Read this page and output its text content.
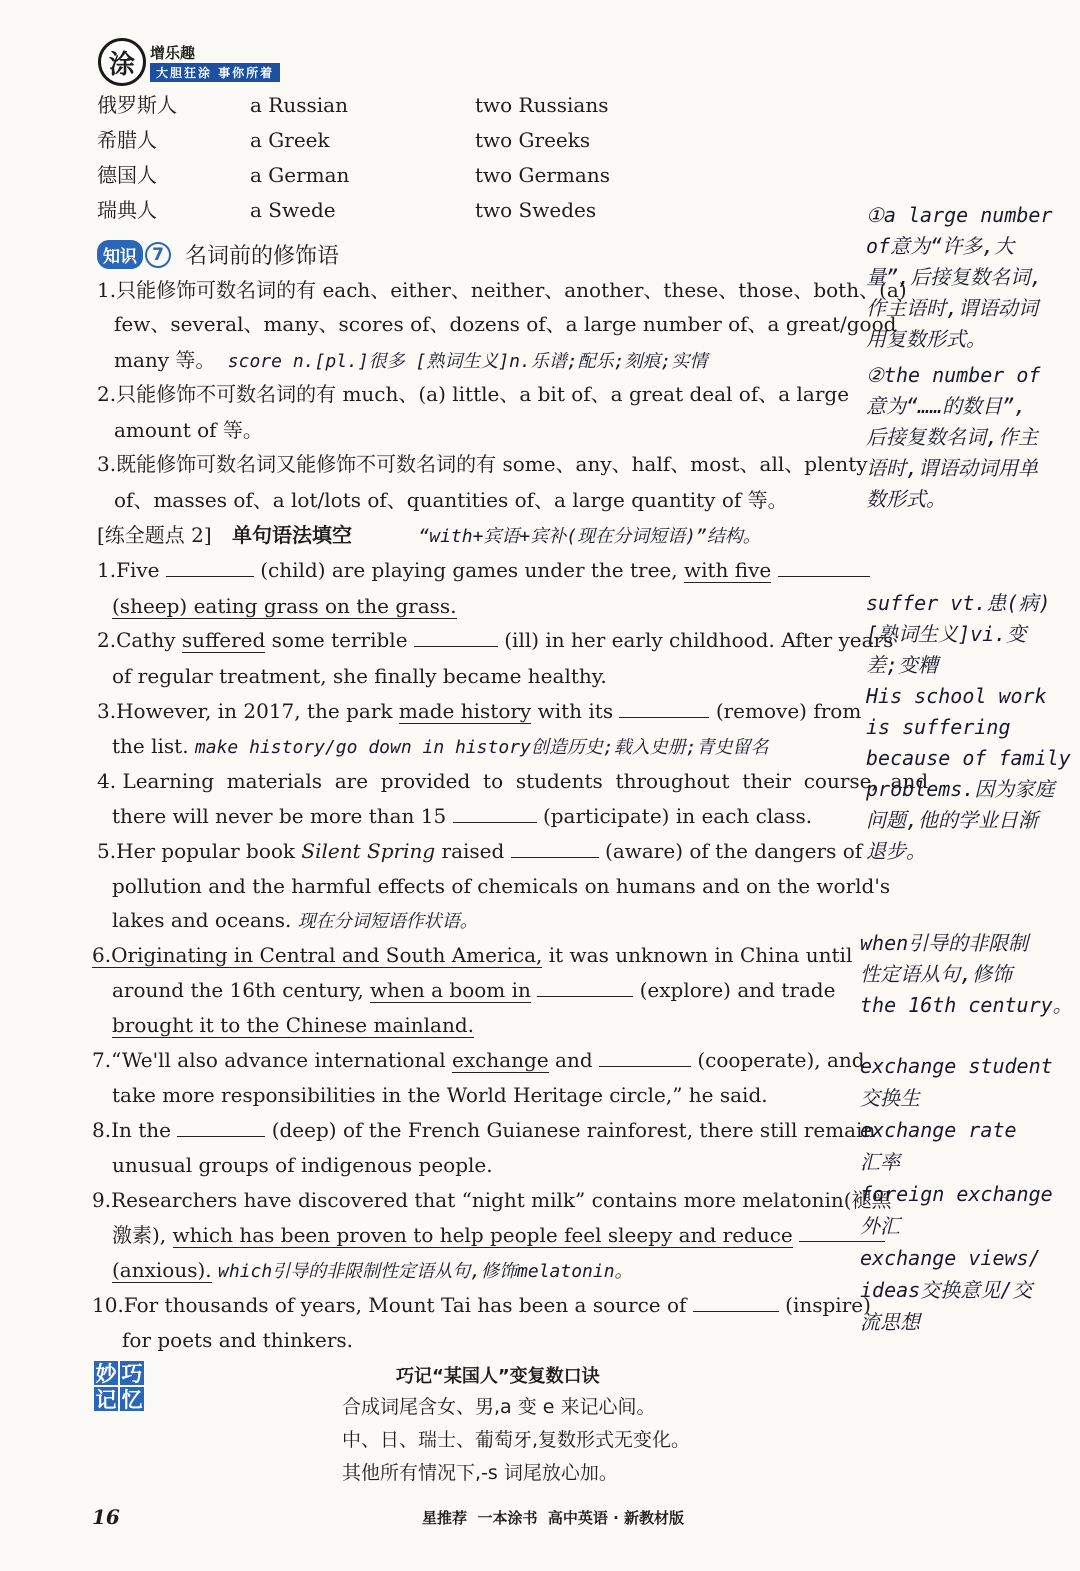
涂	增乐趣
大胆狂涂 事你所着
俄罗斯人	a Russian	two Russians
希腊人	a Greek	two Greeks
德国人	a German	two Germans
瑞典人	a Swede	two Swedes
知识 7 名词前的修饰语
1.只能修饰可数名词的有 each、either、neither、another、these、those、both、(a)
few、several、many、scores of、dozens of、a large number of、a great/good
many 等。 score n.[pl.]很多 [熟词生义]n.乐谱;配乐;刻痕;实情
2.只能修饰不可数名词的有 much、(a) little、a bit of、a great deal of、a large
amount of 等。
3.既能修饰可数名词又能修饰不可数名词的有 some、any、half、most、all、plenty
of、masses of、a lot/lots of、quantities of、a large quantity of 等。
[练全题点 2] 单句语法填空	“with+宾语+宾补(现在分词短语)”结构。
1.Five	(child) are playing games under the tree, with five
(sheep) eating grass on the grass.
2.Cathy suffered some terrible	(ill) in her early childhood. After years
of regular treatment, she finally became healthy.
3.However, in 2017, the park made history with its	(remove) from
the list. make history/go down in history创造历史;载入史册;青史留名
4. Learning  materials  are  provided  to  students  throughout  their  course,  and
there will never be more than 15	(participate) in each class.
5.Her popular book Silent Spring raised	(aware) of the dangers of
pollution and the harmful effects of chemicals on humans and on the world's
lakes and oceans. 现在分词短语作状语。
6.Originating in Central and South America, it was unknown in China until
around the 16th century, when a boom in	(explore) and trade
brought it to the Chinese mainland.
7.“We'll also advance international exchange and	(cooperate), and
take more responsibilities in the World Heritage circle,” he said.
8.In the	(deep) of the French Guianese rainforest, there still remain
unusual groups of indigenous people.
9.Researchers have discovered that “night milk” contains more melatonin(褪黑
激素), which has been proven to help people feel sleepy and reduce
(anxious). which引导的非限制性定语从句,修饰melatonin。
10.For thousands of years, Mount Tai has been a source of	(inspire)
for poets and thinkers.
①a large number
of意为“许多,大
量”,后接复数名词,
作主语时,谓语动词
用复数形式。
②the number of
意为“……的数目”,
后接复数名词,作主
语时,谓语动词用单
数形式。
suffer vt.患(病)
[熟词生义]vi.变
差;变糟
His school work
is suffering
because of family
problems.因为家庭
问题,他的学业日渐
退步。
when引导的非限制
性定语从句,修饰
the 16th century。
exchange student
交换生
exchange rate
汇率
foreign exchange
外汇
exchange views/
ideas交换意见/交
流思想
妙 巧
记 忆
巧记“某国人”变复数口诀
合成词尾含女、男,a 变 e 来记心间。
中、日、瑞士、葡萄牙,复数形式无变化。
其他所有情况下,-s 词尾放心加。
16	星推荐  一本涂书  高中英语 · 新教材版
